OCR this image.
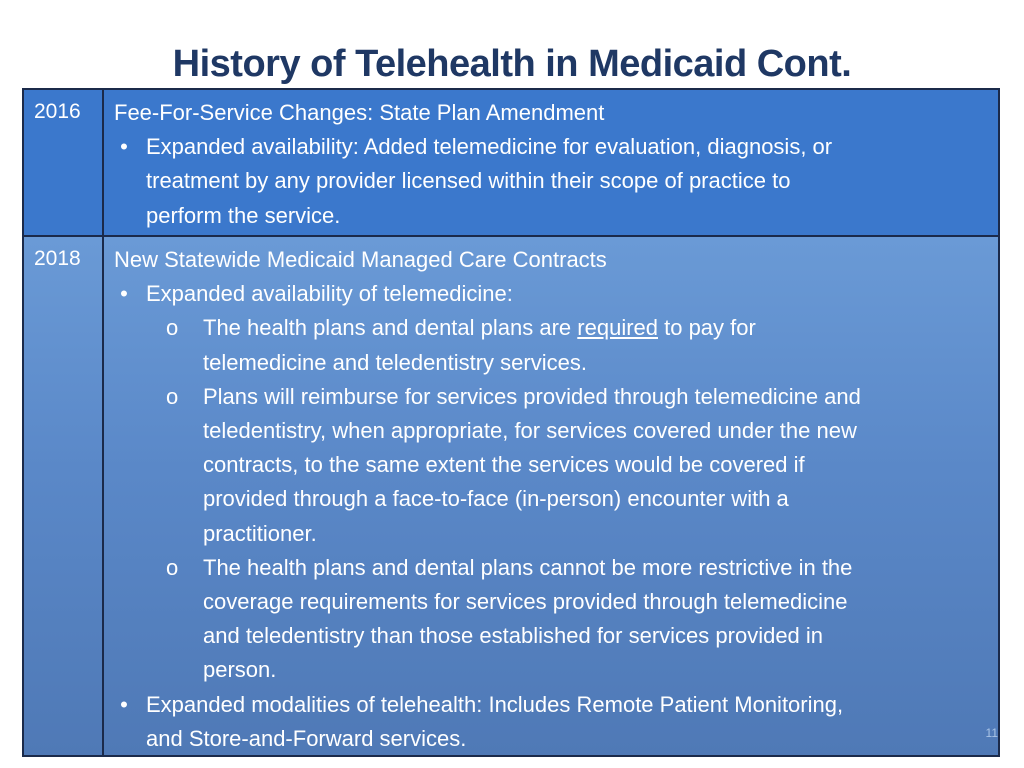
History of Telehealth in Medicaid Cont.
2016	Fee-For-Service Changes: State Plan Amendment
• Expanded availability: Added telemedicine for evaluation, diagnosis, or
treatment by any provider licensed within their scope of practice to
perform the service.
2018	New Statewide Medicaid Managed Care Contracts
• Expanded availability of telemedicine:
o The health plans and dental plans are required to pay for
telemedicine and teledentistry services.
o Plans will reimburse for services provided through telemedicine and
teledentistry, when appropriate, for services covered under the new
contracts, to the same extent the services would be covered if
provided through a face-to-face (in-person) encounter with a
practitioner.
o The health plans and dental plans cannot be more restrictive in the
coverage requirements for services provided through telemedicine
and teledentistry than those established for services provided in
person.
• Expanded modalities of telehealth: Includes Remote Patient Monitoring,
and Store-and-Forward services.	11
